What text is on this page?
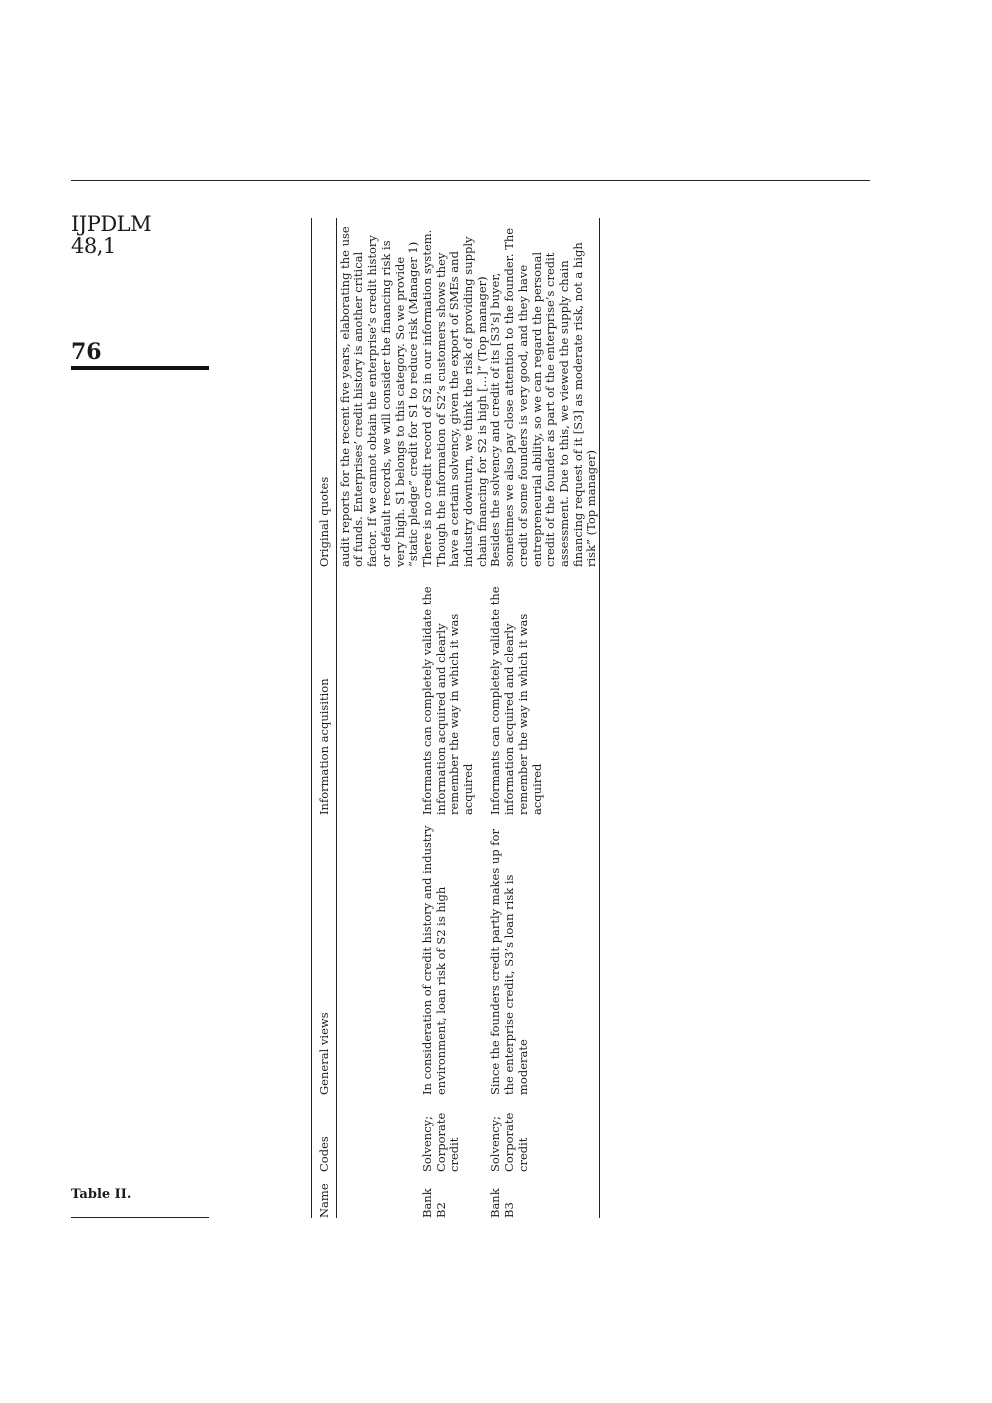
IJPDLM
48,1
76
Table II.	Name	Codes	General views	Information acquisition	Original quotes
				audit reports for the recent five years, elaborating the use of funds. Enterprises’ credit history is another critical factor. If we cannot obtain the enterprise’s credit history or default records, we will consider the financing risk is very high. S1 belongs to this category. So we provide “static pledge” credit for S1 to reduce risk (Manager 1)
Bank B2	Solvency; Corporate credit	In consideration of credit history and industry environment, loan risk of S2 is high	Informants can completely validate the information acquired and clearly remember the way in which it was acquired	There is no credit record of S2 in our information system. Though the information of S2’s customers shows they have a certain solvency, given the export of SMEs and industry downturn, we think the risk of providing supply chain financing for S2 is high […]” (Top manager)
Bank B3	Solvency; Corporate credit	Since the founders credit partly makes up for the enterprise credit, S3’s loan risk is moderate	Informants can completely validate the information acquired and clearly remember the way in which it was acquired	Besides the solvency and credit of its [S3’s] buyer, sometimes we also pay close attention to the founder. The credit of some founders is very good, and they have entrepreneurial ability, so we can regard the personal credit of the founder as part of the enterprise’s credit assessment. Due to this, we viewed the supply chain financing request of it [S3] as moderate risk, not a high risk” (Top manager)
